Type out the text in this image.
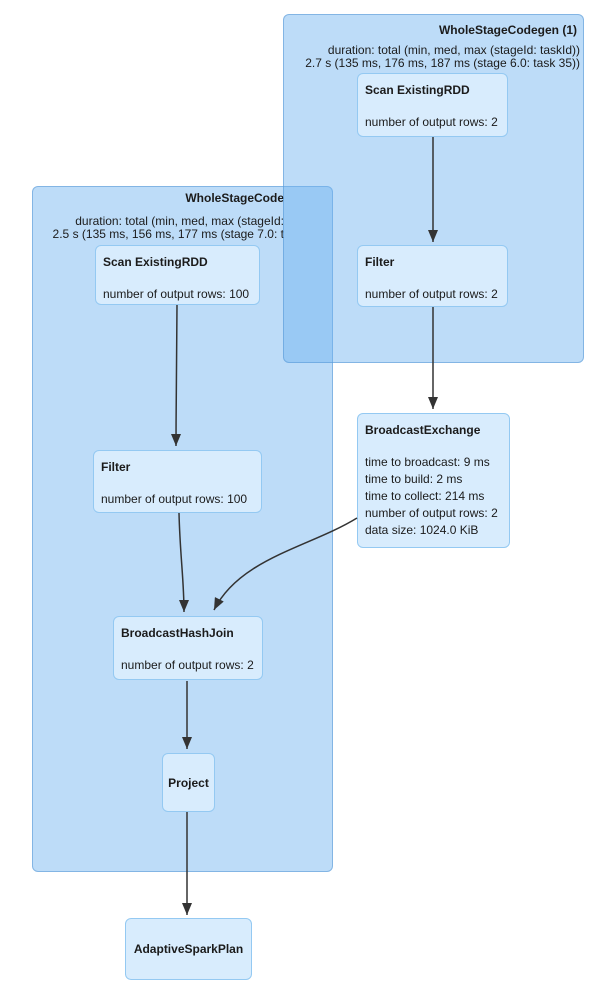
WholeStageCode
duration: total (min, med, max (stageId:
2.5 s (135 ms, 156 ms, 177 ms (stage 7.0: t
WholeStageCodegen (1)
duration: total (min, med, max (stageId: taskId))
2.7 s (135 ms, 176 ms, 187 ms (stage 6.0: task 35))
Scan ExistingRDD
number of output rows: 2
Filter
number of output rows: 2
Scan ExistingRDD
number of output rows: 100
Filter
number of output rows: 100
BroadcastExchange
time to broadcast: 9 ms
time to build: 2 ms
time to collect: 214 ms
number of output rows: 2
data size: 1024.0 KiB
BroadcastHashJoin
number of output rows: 2
Project
AdaptiveSparkPlan
